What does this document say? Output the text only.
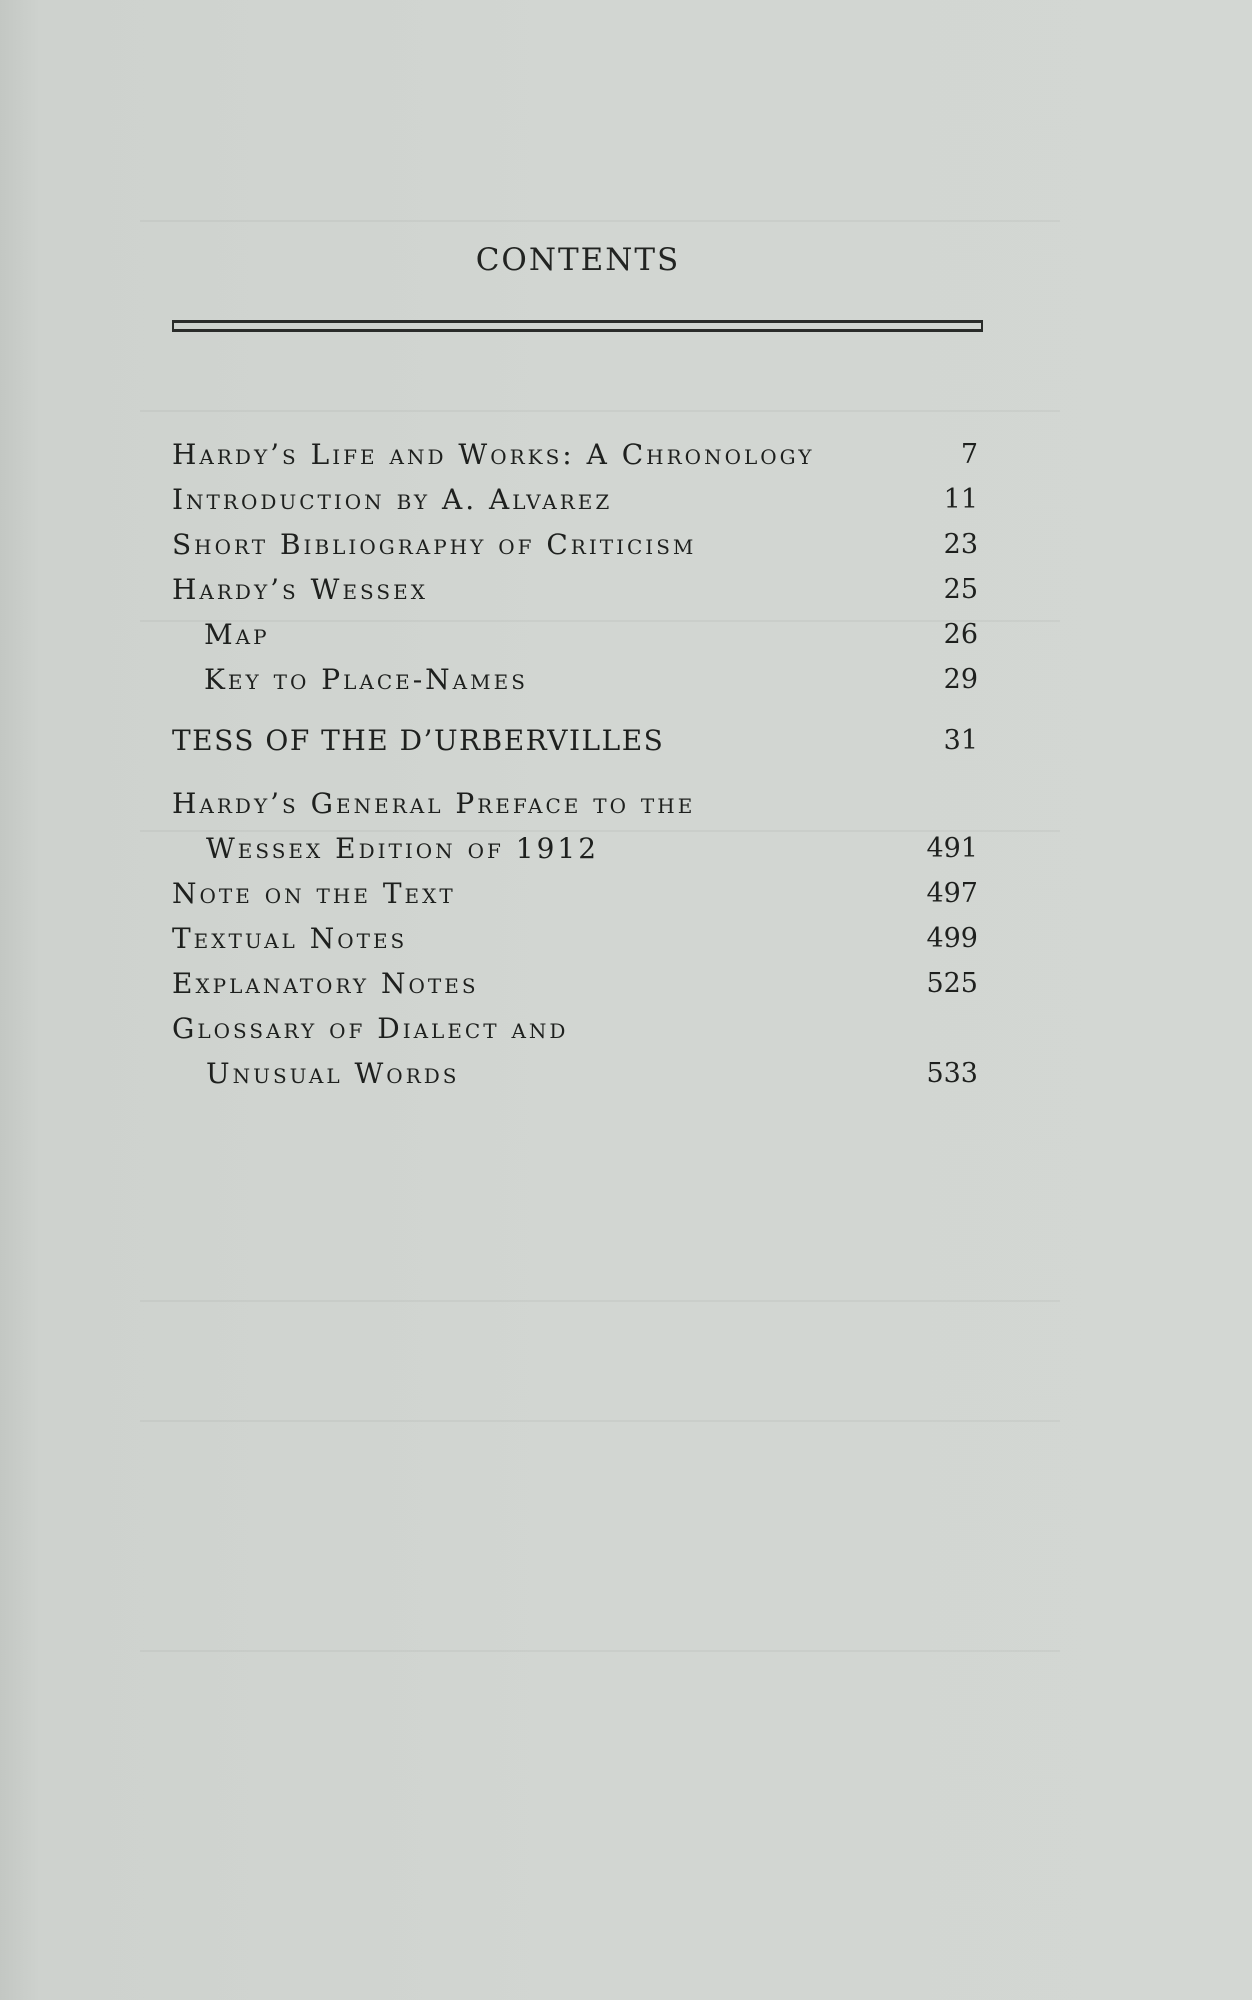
CONTENTS
Hardy’s Life and Works: A Chronology	7
Introduction by A. Alvarez	11
Short Bibliography of Criticism	23
Hardy’s Wessex	25
Map	26
Key to Place-Names	29
TESS OF THE D’URBERVILLES	31
Hardy’s General Preface to the
Wessex Edition of 1912	491
Note on the Text	497
Textual Notes	499
Explanatory Notes	525
Glossary of Dialect and
Unusual Words	533
